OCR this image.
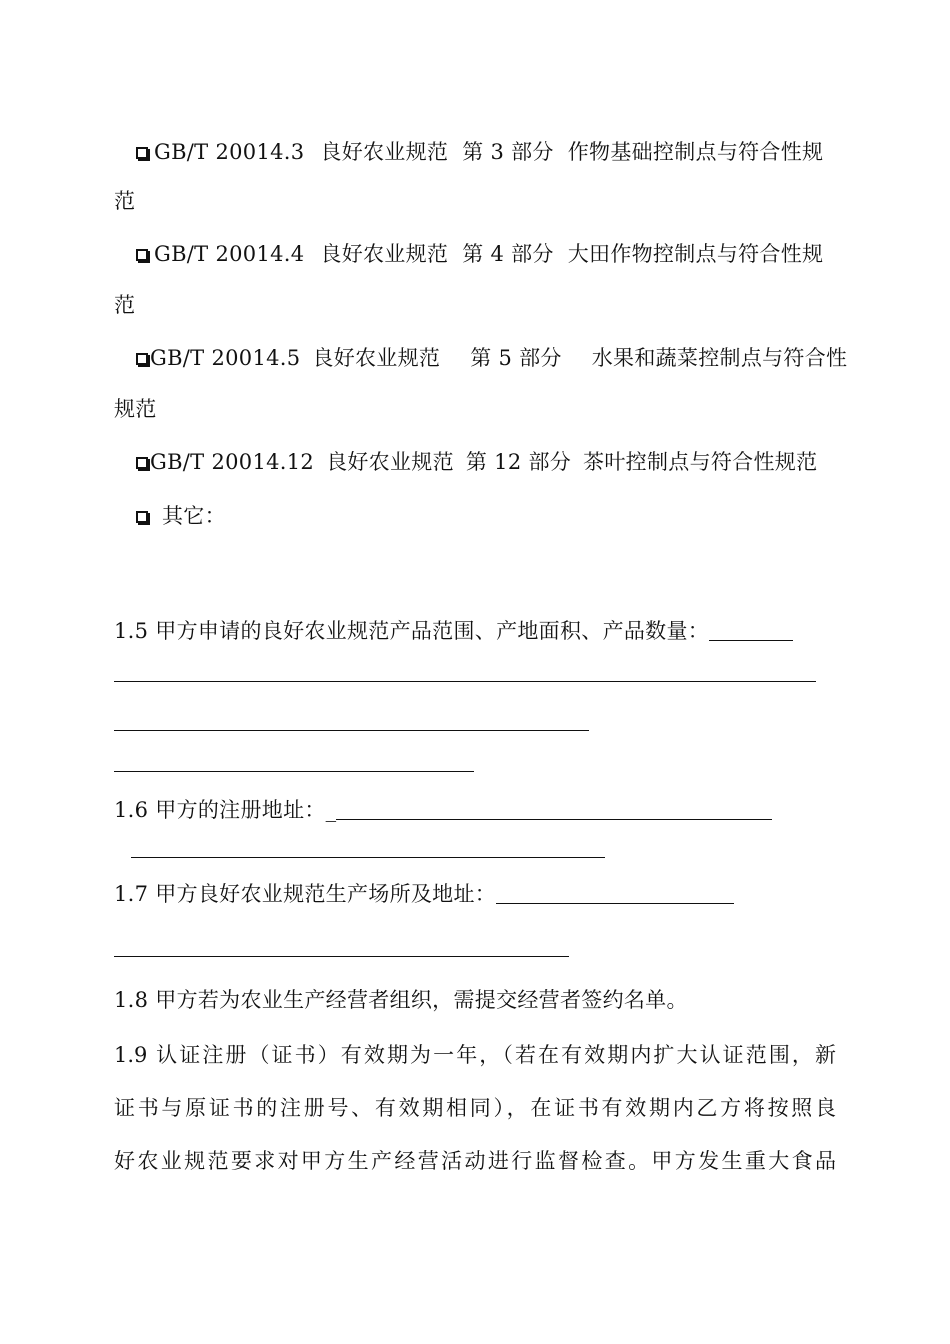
GB/T 20014.3 良好农业规范 第 3 部分 作物基础控制点与符合性规
范
GB/T 20014.4 良好农业规范 第 4 部分 大田作物控制点与符合性规
范
GB/T 20014.5 良好农业规范 第 5 部分 水果和蔬菜控制点与符合性
规范
GB/T 20014.12 良好农业规范 第 12 部分 茶叶控制点与符合性规范
其它：
1.5 甲方申请的良好农业规范产品范围、产地面积、产品数量：
1.6 甲方的注册地址：_
1.7 甲方良好农业规范生产场所及地址：
1.8 甲方若为农业生产经营者组织，需提交经营者签约名单。
1.9 认证注册（证书）有效期为一年，（若在有效期内扩大认证范围，新
证书与原证书的注册号、有效期相同），在证书有效期内乙方将按照良
好农业规范要求对甲方生产经营活动进行监督检查。甲方发生重大食品
